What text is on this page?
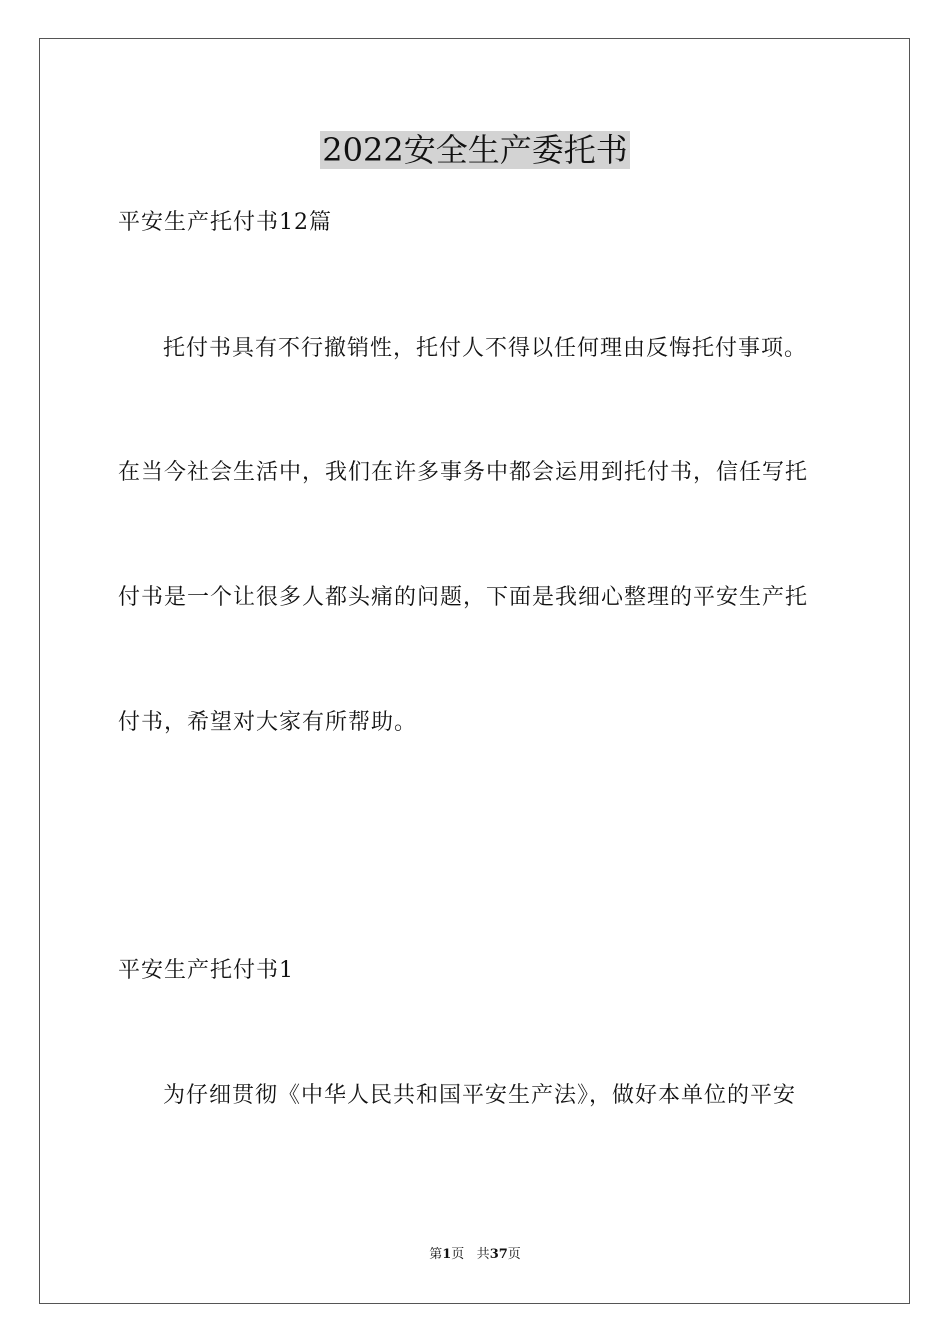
2022安全生产委托书
平安生产托付书12篇
托付书具有不行撤销性，托付人不得以任何理由反悔托付事项。
在当今社会生活中，我们在许多事务中都会运用到托付书，信任写托
付书是一个让很多人都头痛的问题，下面是我细心整理的平安生产托
付书，希望对大家有所帮助。
平安生产托付书1
为仔细贯彻《中华人民共和国平安生产法》，做好本单位的平安
第1页 共37页
